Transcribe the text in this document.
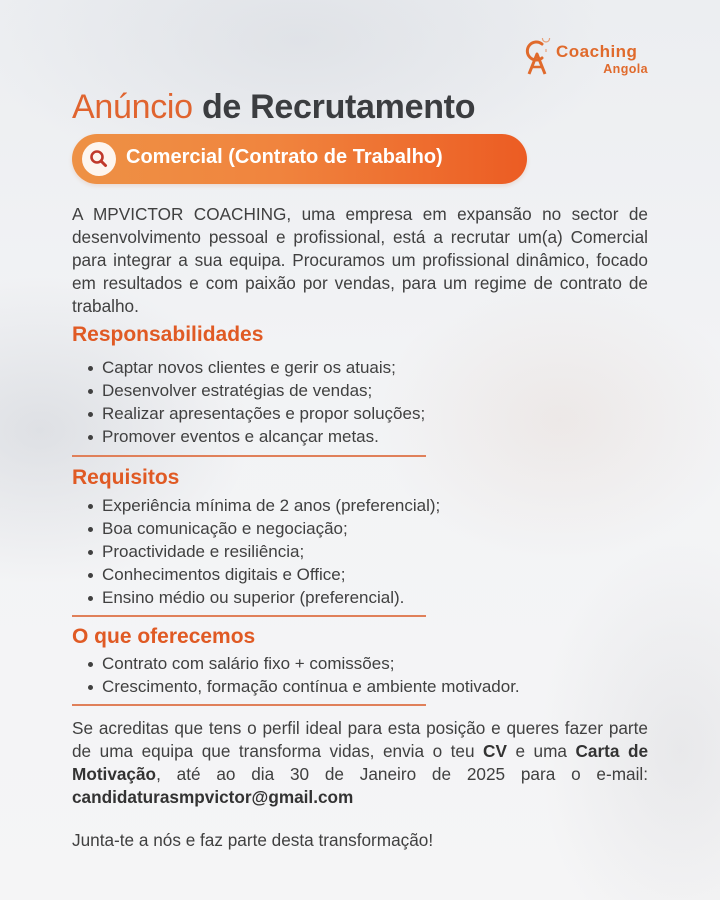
Coaching
Angola
Anúncio de Recrutamento
Comercial (Contrato de Trabalho)

A MPVICTOR COACHING, uma empresa em expansão no sector de desenvolvimento pessoal e profissional, está a recrutar um(a) Comercial para integrar a sua equipa. Procuramos um profissional dinâmico, focado em resultados e com paixão por vendas, para um regime de contrato de trabalho.

Responsabilidades
Captar novos clientes e gerir os atuais;
Desenvolver estratégias de vendas;
Realizar apresentações e propor soluções;
Promover eventos e alcançar metas.
Requisitos
Experiência mínima de 2 anos (preferencial);
Boa comunicação e negociação;
Proactividade e resiliência;
Conhecimentos digitais e Office;
Ensino médio ou superior (preferencial).
O que oferecemos
Contrato com salário fixo + comissões;
Crescimento, formação contínua e ambiente motivador.

Se acreditas que tens o perfil ideal para esta posição e queres fazer parte de uma equipa que transforma vidas, envia o teu CV e uma Carta de Motivação, até ao dia 30 de Janeiro de 2025 para o e-mail: candidaturasmpvictor@gmail.com

Junta-te a nós e faz parte desta transformação!
